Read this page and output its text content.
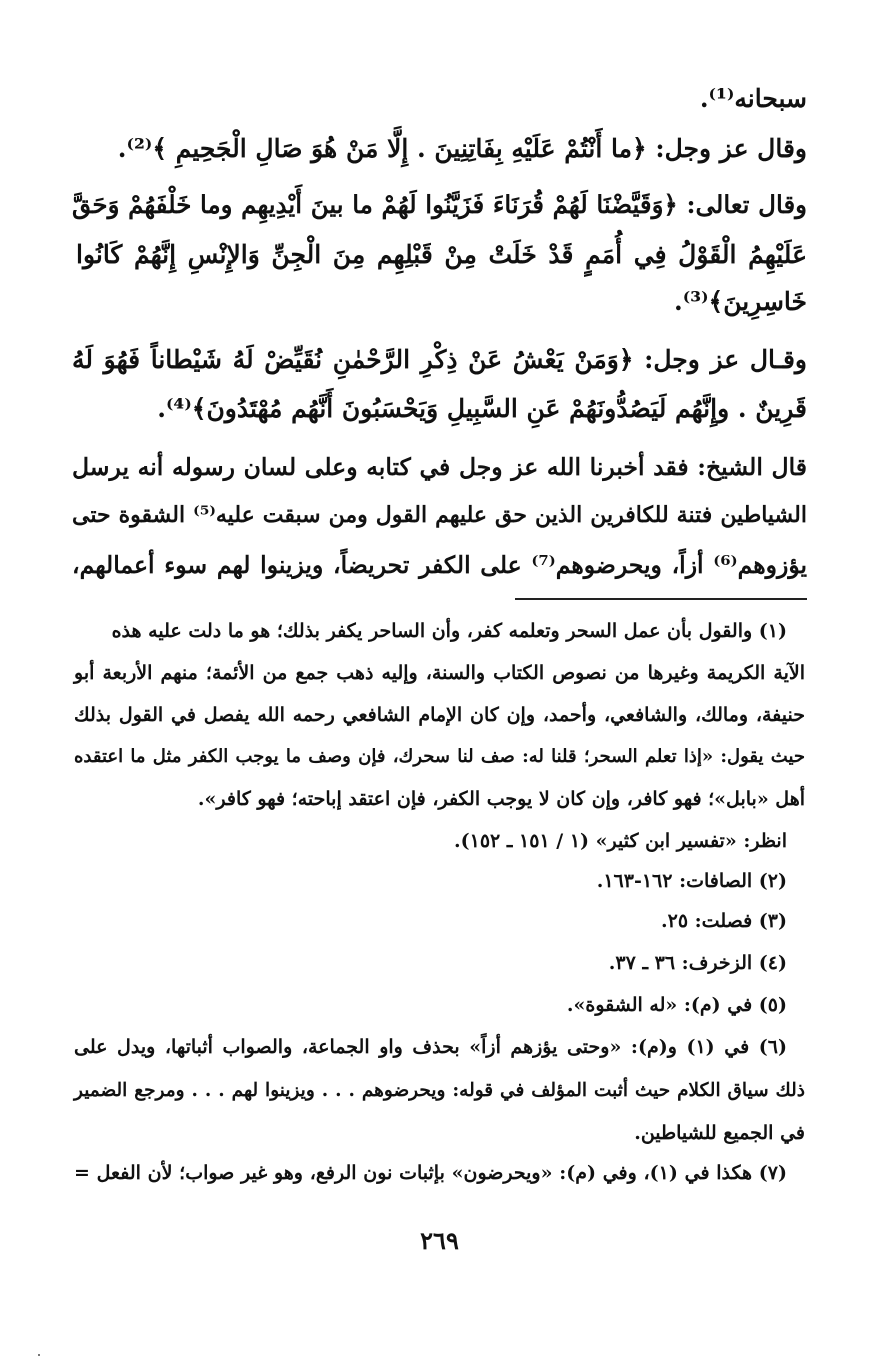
سبحانه⁽¹⁾.
وقال عز وجل: ﴿ما أَنْتُمْ عَلَيْهِ بِفَاتِنِينَ . إِلَّا مَنْ هُوَ صَالِ الْجَحِيمِ ﴾⁽²⁾.
وقال تعالى: ﴿وَقَيَّضْنَا لَهُمْ قُرَنَاءَ فَزَيَّنُوا لَهُمْ ما بينَ أَيْدِيهِم وما خَلْفَهُمْ وَحَقَّ
عَلَيْهِمُ الْقَوْلُ فِي أُمَمٍ قَدْ خَلَتْ مِنْ قَبْلِهِم مِنَ الْجِنِّ وَالإِنْسِ إِنَّهُمْ كَانُوا
خَاسِرِينَ﴾⁽³⁾.
وقـال عز وجل: ﴿وَمَنْ يَعْشُ عَنْ ذِكْرِ الرَّحْمٰنِ نُقَيِّضْ لَهُ شَيْطاناً فَهُوَ لَهُ
قَرِينٌ . وإِنَّهُم لَيَصُدُّونَهُمْ عَنِ السَّبِيلِ وَيَحْسَبُونَ أَنَّهُم مُهْتَدُونَ﴾⁽⁴⁾.
قال الشيخ: فقد أخبرنا الله عز وجل في كتابه وعلى لسان رسوله أنه يرسل
الشياطين فتنة للكافرين الذين حق عليهم القول ومن سبقت عليه⁽⁵⁾ الشقوة حتى
يؤزوهم⁽⁶⁾ أزاً، ويحرضوهم⁽⁷⁾ على الكفر تحريضاً، ويزينوا لهم سوء أعمالهم،
(١) والقول بأن عمل السحر وتعلمه كفر، وأن الساحر يكفر بذلك؛ هو ما دلت عليه هذه
الآية الكريمة وغيرها من نصوص الكتاب والسنة، وإليه ذهب جمع من الأئمة؛ منهم الأربعة أبو
حنيفة، ومالك، والشافعي، وأحمد، وإن كان الإمام الشافعي رحمه الله يفصل في القول بذلك
حيث يقول: «إذا تعلم السحر؛ قلنا له: صف لنا سحرك، فإن وصف ما يوجب الكفر مثل ما اعتقده
أهل «بابل»؛ فهو كافر، وإن كان لا يوجب الكفر، فإن اعتقد إباحته؛ فهو كافر».
انظر: «تفسير ابن كثير» (١ / ١٥١ ـ ١٥٢).
(٢) الصافات: ١٦٢-١٦٣.
(٣) فصلت: ٢٥.
(٤) الزخرف: ٣٦ ـ ٣٧.
(٥) في (م): «له الشقوة».
(٦) في (١) و(م): «وحتى يؤزهم أزاً» بحذف واو الجماعة، والصواب أثباتها، ويدل على
ذلك سياق الكلام حيث أثبت المؤلف في قوله: ويحرضوهم . . . ويزينوا لهم . . . ومرجع الضمير
في الجميع للشياطين.
(٧) هكذا في (١)، وفي (م): «ويحرضون» بإثبات نون الرفع، وهو غير صواب؛ لأن الفعل =
٢٦٩
